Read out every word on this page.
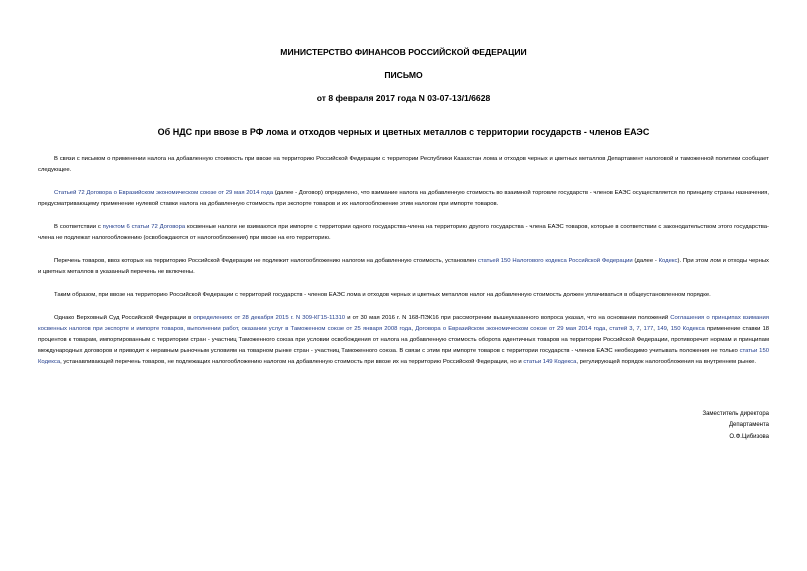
МИНИСТЕРСТВО ФИНАНСОВ РОССИЙСКОЙ ФЕДЕРАЦИИ
ПИСЬМО
от 8 февраля 2017 года N 03-07-13/1/6628
Об НДС при ввозе в РФ лома и отходов черных и цветных металлов с территории государств - членов ЕАЭС

В связи с письмом о применении налога на добавленную стоимость при ввозе на территорию Российской Федерации с территории Республики Казахстан лома и отходов черных и цветных металлов Департамент налоговой и таможенной политики сообщает следующее.

Статьей 72 Договора о Евразийском экономическом союзе от 29 мая 2014 года (далее - Договор) определено, что взимание налога на добавленную стоимость во взаимной торговле государств - членов ЕАЭС осуществляется по принципу страны назначения, предусматривающему применение нулевой ставки налога на добавленную стоимость при экспорте товаров и их налогообложение этим налогом при импорте товаров.

В соответствии с пунктом 6 статьи 72 Договора косвенные налоги не взимаются при импорте с территории одного государства-члена на территорию другого государства - члена ЕАЭС товаров, которые в соответствии с законодательством этого государства-члена не подлежат налогообложению (освобождаются от налогообложения) при ввозе на его территорию.

Перечень товаров, ввоз которых на территорию Российской Федерации не подлежит налогообложению налогом на добавленную стоимость, установлен статьей 150 Налогового кодекса Российской Федерации (далее - Кодекс). При этом лом и отходы черных и цветных металлов в указанный перечень не включены.

Таким образом, при ввозе на территорию Российской Федерации с территорий государств - членов ЕАЭС лома и отходов черных и цветных металлов налог на добавленную стоимость должен уплачиваться в общеустановленном порядке.

Однако Верховный Суд Российской Федерации в определениях от 28 декабря 2015 г. N 309-КГ15-11310 и от 30 мая 2016 г. N 168-ПЭК16 при рассмотрении вышеуказанного вопроса указал, что на основании положений Соглашения о принципах взимания косвенных налогов при экспорте и импорте товаров, выполнении работ, оказании услуг в Таможенном союзе от 25 января 2008 года, Договора о Евразийском экономическом союзе от 29 мая 2014 года, статей 3, 7, 177, 149, 150 Кодекса применение ставки 18 процентов к товарам, импортированным с территории стран - участниц Таможенного союза при условии освобождения от налога на добавленную стоимость оборота идентичных товаров на территории Российской Федерации, противоречит нормам и принципам международных договоров и приводит к неравным рыночным условиям на товарном рынке стран - участниц Таможенного союза. В связи с этим при импорте товаров с территории государств - членов ЕАЭС необходимо учитывать положения не только статьи 150 Кодекса, устанавливающей перечень товаров, не подлежащих налогообложению налогом на добавленную стоимость при ввозе их на территорию Российской Федерации, но и статьи 149 Кодекса, регулирующей порядок налогообложения на внутреннем рынке.

Заместитель директора
Департамента
О.Ф.Цибизова
